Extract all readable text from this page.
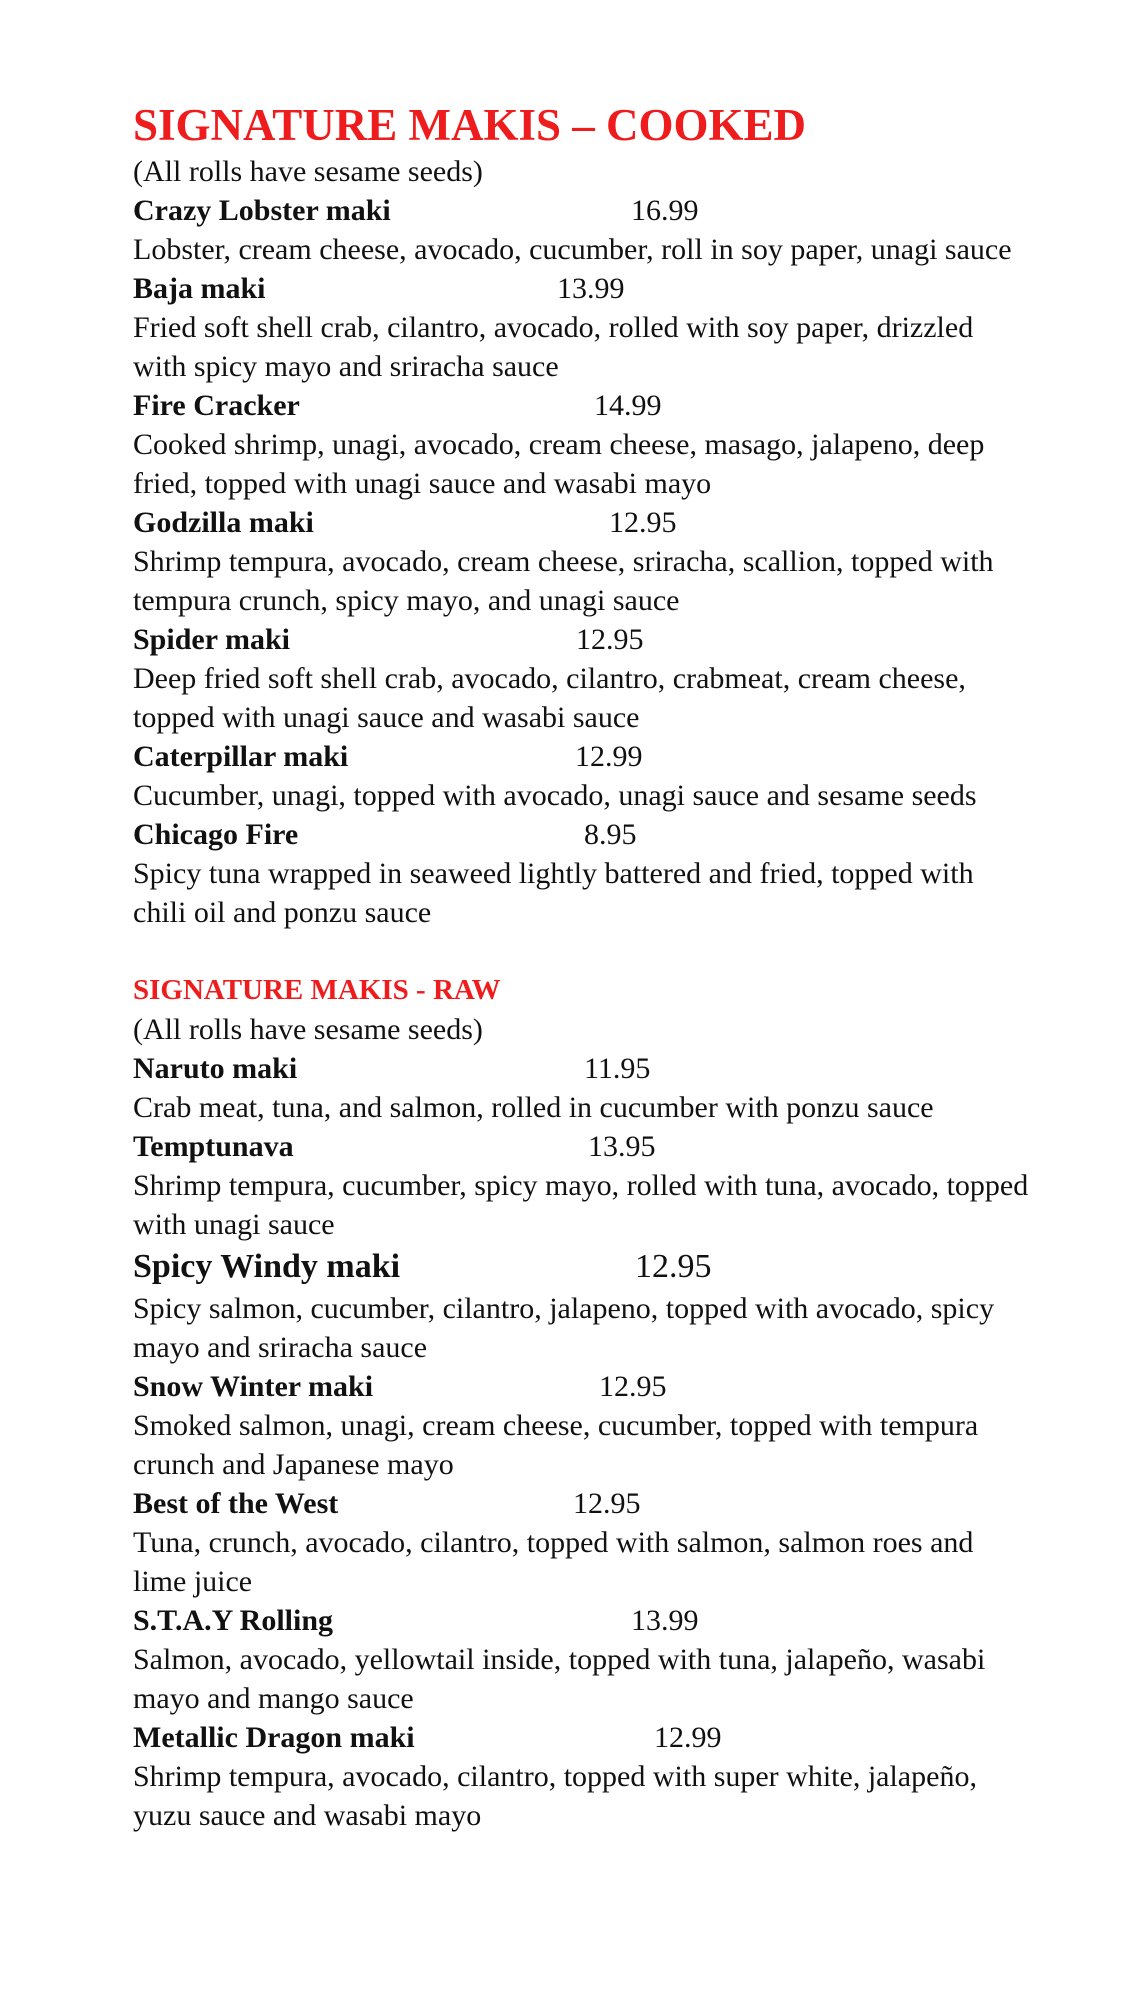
SIGNATURE MAKIS – COOKED

(All rolls have sesame seeds)

Crazy Lobster maki	16.99

Lobster, cream cheese, avocado, cucumber, roll in soy paper, unagi sauce

Baja maki	13.99

Fried soft shell crab, cilantro, avocado, rolled with soy paper, drizzled with spicy mayo and sriracha sauce

Fire Cracker	14.99

Cooked shrimp, unagi, avocado, cream cheese, masago, jalapeno, deep fried, topped with unagi sauce and wasabi mayo

Godzilla maki	12.95

Shrimp tempura, avocado, cream cheese, sriracha, scallion, topped with tempura crunch, spicy mayo, and unagi sauce

Spider maki	12.95

Deep fried soft shell crab, avocado, cilantro, crabmeat, cream cheese, topped with unagi sauce and wasabi sauce

Caterpillar maki	12.99

Cucumber, unagi, topped with avocado, unagi sauce and sesame seeds

Chicago Fire	8.95

Spicy tuna wrapped in seaweed lightly battered and fried, topped with chili oil and ponzu sauce

SIGNATURE MAKIS - RAW

(All rolls have sesame seeds)

Naruto maki	11.95

Crab meat, tuna, and salmon, rolled in cucumber with ponzu sauce

Temptunava	13.95

Shrimp tempura, cucumber, spicy mayo, rolled with tuna, avocado, topped with unagi sauce

Spicy Windy maki	12.95

Spicy salmon, cucumber, cilantro, jalapeno, topped with avocado, spicy mayo and sriracha sauce

Snow Winter maki	12.95

Smoked salmon, unagi, cream cheese, cucumber, topped with tempura crunch and Japanese mayo

Best of the West	12.95

Tuna, crunch, avocado, cilantro, topped with salmon, salmon roes and lime juice

S.T.A.Y Rolling	13.99

Salmon, avocado, yellowtail inside, topped with tuna, jalapeño, wasabi mayo and mango sauce

Metallic Dragon maki	12.99

Shrimp tempura, avocado, cilantro, topped with super white, jalapeño, yuzu sauce and wasabi mayo
